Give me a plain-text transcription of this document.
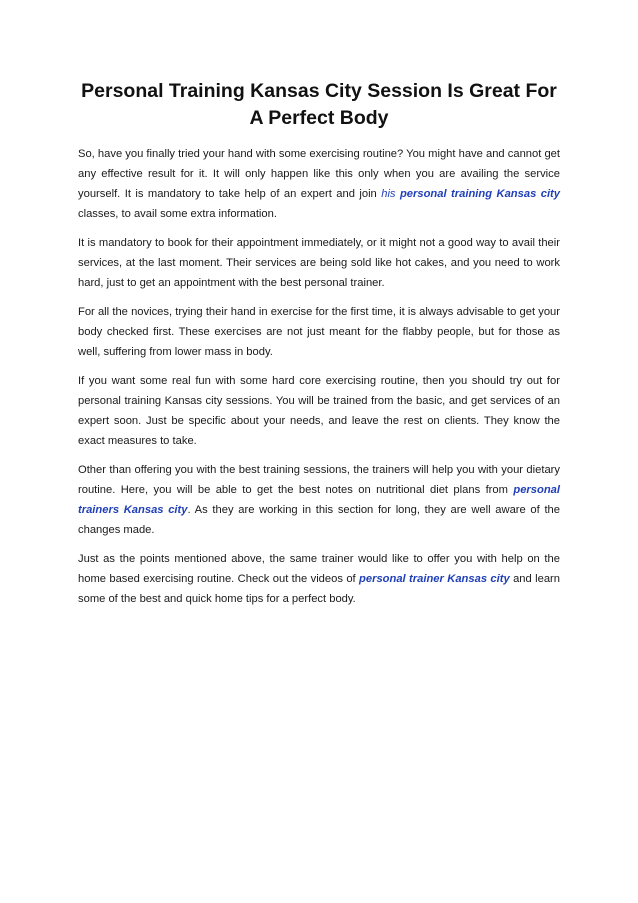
Personal Training Kansas City Session Is Great For A Perfect Body

So, have you finally tried your hand with some exercising routine? You might have and cannot get any effective result for it. It will only happen like this only when you are availing the service yourself. It is mandatory to take help of an expert and join his personal training Kansas city classes, to avail some extra information.

It is mandatory to book for their appointment immediately, or it might not a good way to avail their services, at the last moment. Their services are being sold like hot cakes, and you need to work hard, just to get an appointment with the best personal trainer.

For all the novices, trying their hand in exercise for the first time, it is always advisable to get your body checked first. These exercises are not just meant for the flabby people, but for those as well, suffering from lower mass in body.

If you want some real fun with some hard core exercising routine, then you should try out for personal training Kansas city sessions. You will be trained from the basic, and get services of an expert soon. Just be specific about your needs, and leave the rest on clients. They know the exact measures to take.

Other than offering you with the best training sessions, the trainers will help you with your dietary routine. Here, you will be able to get the best notes on nutritional diet plans from personal trainers Kansas city. As they are working in this section for long, they are well aware of the changes made.

Just as the points mentioned above, the same trainer would like to offer you with help on the home based exercising routine. Check out the videos of personal trainer Kansas city and learn some of the best and quick home tips for a perfect body.
